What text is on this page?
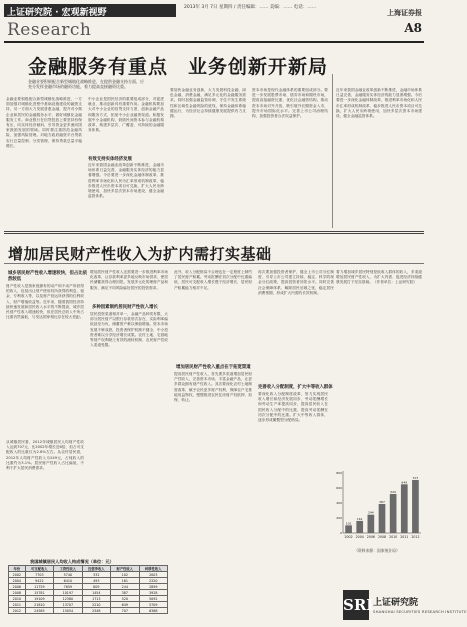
上证研究院 · 宏观新视野
Research
2013年 3月 7日 星期四 / 责任编辑：…… 美编：…… 电话：……
上海证券报
A8
金融服务有重点　业务创新开新局
金融业要积极配合新型城镇化战略推进，在提供金融支持方面，应充分发挥金融市场的融资功能，着力提高直接融资比重。
金融业要积极配合新型城镇化战略推进，一方面加强对城镇化进程中基础设施建设的融资支持，另一方面大力发展普惠金融，提升对小微企业和居民的金融服务水平，做好城镇化金融服务工作。商业银行在信贷投放上要坚持有保有压，向实体经济倾斜，引导资金更多流向国家鼓励发展的领域。同时要注重防范金融风险，加强风险管理。对地方政府融资平台贷款实行总量控制、分类管理，保持贷款总量平稳增长。
中小企业是国民经济的重要组成部分，对促进就业、推动创新具有重要作用。金融机构要加大对中小企业的信贷支持力度，创新金融产品和服务方式，拓宽中小企业融资渠道。积极发展中小金融机构，鼓励民间资本参与金融机构改革，构建多层次、广覆盖、可持续的金融服务体系。
有效支持实体经济发展
近年来我国金融业改革创新不断推进，金融市场体系日益完善，金融服务实体经济的能力显著增强。今后要进一步深化金融体制改革，推进利率市场化和人民币汇率形成机制改革，稳步推进人民币资本项目可兑换，扩大人民币跨境使用，加快多层次资本市场建设，健全金融监管体系。
要加快金融业务创新，大力发展科技金融、绿色金融、消费金融，满足多元化的金融服务需求。同时加强金融监管协调，守住不发生系统性和区域性金融风险的底线，保持金融体系稳健运行，为经济社会持续健康发展提供有力支撑。
资本市场是现代金融体系的重要组成部分。要进一步发展股票市场、债券市场和期货市场，提高直接融资比重，优化社会融资结构。推动资本市场对外开放，吸引境外长期资金入市，提升市场国际化水平。完善上市公司治理结构，加强投资者合法权益保护。
近年来我国金融业改革创新不断推进，金融市场体系日益完善，金融服务实体经济的能力显著增强。今后要进一步深化金融体制改革，推进利率市场化和人民币汇率形成机制改革，稳步推进人民币资本项目可兑换，扩大人民币跨境使用，加快多层次资本市场建设，健全金融监管体系。
增加居民财产性收入为扩内需打实基础
城乡居民财产性收入增速较快，但占比依然较低
财产性收入是指家庭拥有的动产和不动产所获得的收入，包括出让财产使用权所获得的利息、租金、专利收入等，以及财产营运所获得的红利收入、财产增值收益等。近年来，随着我国经济持续快速发展和居民收入水平的不断提高，城乡居民财产性收入增速较快，但在居民总收入中所占比重仍然偏低，与发达国家相比存在较大差距。
从城镇居民看，2012年城镇居民人均财产性收入达到707元，比2002年增长近6倍，但占可支配收入的比重仅为2.6%左右。从农村居民看，2012年人均财产性收入为249元，占纯收入的比重约为3.1%。居民财产性收入占比偏低，不利于扩大居民消费需求。
增加居民财产性收入还需要进一步推进利率市场化改革，让存款利率更多地反映市场供求，使居民储蓄获得合理回报。发展多元化的理财产品和服务，满足不同风险偏好居民的投资需求。
多种因素制约居民财产性收入增长
居民投资渠道相对单一，金融产品种类有限，大部分居民财产以银行存款形式存在，实际利率偏低甚至为负，储蓄资产难以保值增值。资本市场发展不够成熟，投资者保护机制不健全，中小投资者难以分享经济增长成果。农村土地、宅基地等财产权利缺乏有效的流转机制，农民财产性收入渠道受限。
此外，收入分配格局不合理也在一定程度上制约了居民财产积累。劳动报酬在初次分配中比重偏低，居民可支配收入增长慢于经济增长，居民财产积累能力相对不足。
增加居民财产性收入重点在于拓宽渠道
提高居民财产性收入，首先要多渠道增加居民财产性收入，完善资本市场，丰富金融产品，让更多群众拥有财产性收入。其次要深化农村土地制度改革，赋予农民更多财产权利，保障农户宅基地用益物权，慢慢推进农民住房财产权抵押、担保、转让。
再次要加强投资者保护，健全上市公司分红制度，引导上市公司建立持续、稳定、科学的现金分红政策，提高投资者回报水平。同时完善社会保障体系，解除居民后顾之忧，稳定居民消费预期，形成扩大内需的长效机制。
完善收入分配制度，扩大中等收入群体
要深化收入分配制度改革，努力实现居民收入增长和经济发展同步、劳动报酬增长和劳动生产率提高同步，提高居民收入在国民收入分配中的比重，提高劳动报酬在初次分配中的比重。扩大中等收入群体，逐步形成橄榄型分配格局。
着力增加城乡居民特别是低收入群体的收入，多渠道增加居民财产性收入，为扩大内需、促进经济持续健康发展打下坚实基础。（作者单位：上证研究院）
我国城镇居民人均收入构成情况（单位：元）
年份	可支配收入	工资性收入	经营净收入	财产性收入	转移性收入
2002	7703	5740	332	102	2003
2004	9422	6410	493	161	2320
2006	11759	7659	809	244	2899
2008	15781	10197	1454	387	3928
2010	19109	12380	1713	520	5092
2011	21810	13707	2210	649	5709
2012	24565	15054	2548	707	6368
102
2002
161
2004
244
2006
387
2008
520
2010
649
2011
707
2012
0
200
400
600
800
（资料来源：国家统计局）
SRI 上证研究院
SHANGHAI SECURITIES RESEARCH INSTITUTE
